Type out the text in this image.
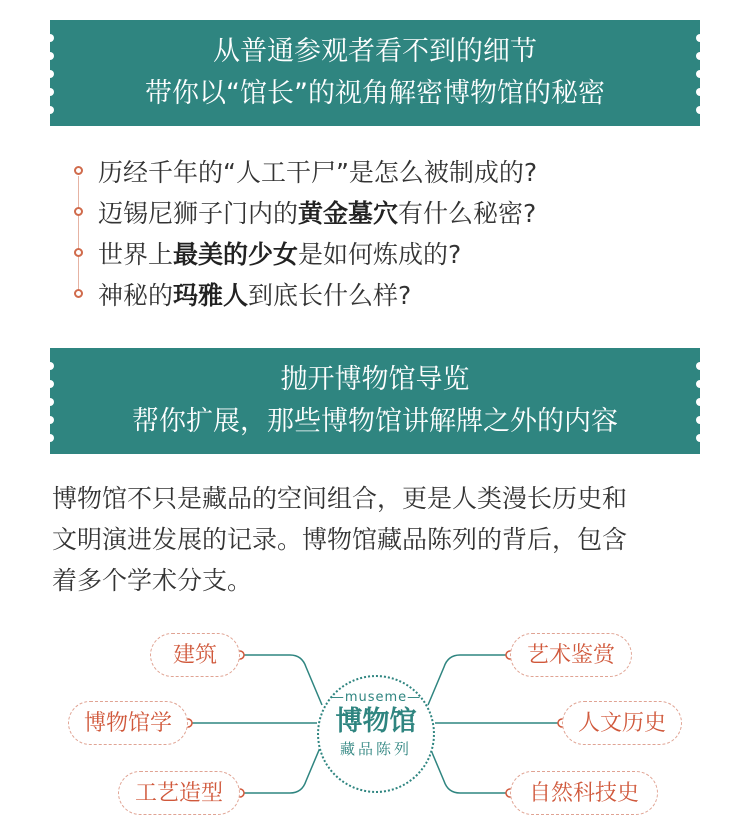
从普通参观者看不到的细节
带你以“馆长”的视角解密博物馆的秘密
历经千年的“人工干尸”是怎么被制成的?
迈锡尼狮子门内的黄金墓穴有什么秘密?
世界上最美的少女是如何炼成的?
神秘的玛雅人到底长什么样?
抛开博物馆导览
帮你扩展，那些博物馆讲解牌之外的内容
博物馆不只是藏品的空间组合，更是人类漫长历史和
文明演进发展的记录。博物馆藏品陈列的背后，包含
着多个学术分支。
建筑
博物馆学
工艺造型
艺术鉴赏
人文历史
自然科技史
—museme—
博物馆
藏品陈列
